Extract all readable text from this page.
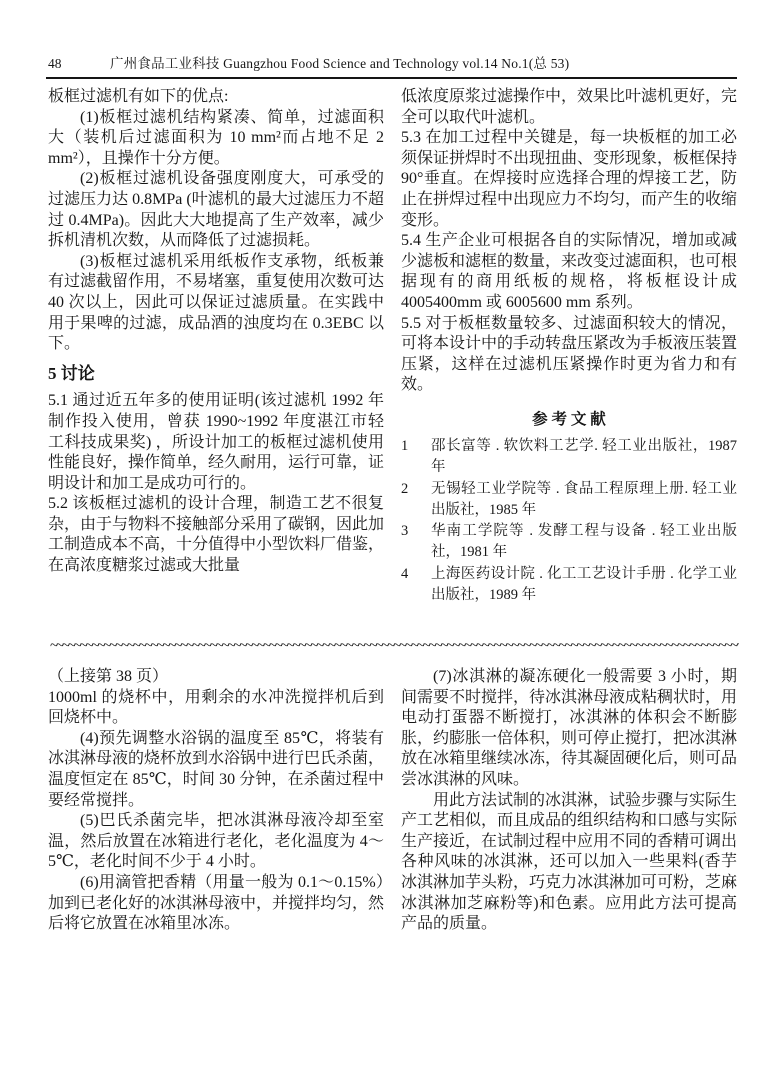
48	广州食品工业科技 Guangzhou Food Science and Technology vol.14 No.1(总 53)

板框过滤机有如下的优点:

(1)板框过滤机结构紧凑、简单，过滤面积大（装机后过滤面积为 10 mm²而占地不足 2 mm²），且操作十分方便。

(2)板框过滤机设备强度刚度大，可承受的过滤压力达 0.8MPa (叶滤机的最大过滤压力不超过 0.4MPa)。因此大大地提高了生产效率，减少拆机清机次数，从而降低了过滤损耗。

(3)板框过滤机采用纸板作支承物，纸板兼有过滤截留作用，不易堵塞，重复使用次数可达 40 次以上，因此可以保证过滤质量。在实践中用于果啤的过滤，成品酒的浊度均在 0.3EBC 以下。

5 讨论

5.1 通过近五年多的使用证明(该过滤机 1992 年制作投入使用，曾获 1990~1992 年度湛江市轻工科技成果奖) ，所设计加工的板框过滤机使用性能良好，操作简单，经久耐用，运行可靠，证明设计和加工是成功可行的。

5.2 该板框过滤机的设计合理，制造工艺不很复杂，由于与物料不接触部分采用了碳钢，因此加工制造成本不高，十分值得中小型饮料厂借鉴，在高浓度糖浆过滤或大批量

低浓度原浆过滤操作中，效果比叶滤机更好，完全可以取代叶滤机。

5.3 在加工过程中关键是，每一块板框的加工必须保证拼焊时不出现扭曲、变形现象，板框保持 90°垂直。在焊接时应选择合理的焊接工艺，防止在拼焊过程中出现应力不均匀，而产生的收缩变形。

5.4 生产企业可根据各自的实际情况，增加或减少滤板和滤框的数量，来改变过滤面积，也可根据现有的商用纸板的规格，将板框设计成 4005400mm 或 6005600 mm 系列。

5.5 对于板框数量较多、过滤面积较大的情况，可将本设计中的手动转盘压紧改为手板液压装置压紧，这样在过滤机压紧操作时更为省力和有效。

参 考 文 献
1	邵长富等 . 软饮料工艺学. 轻工业出版社，1987 年
2	无锡轻工业学院等 . 食品工程原理上册. 轻工业出版社，1985 年
3	华南工学院等 . 发酵工程与设备 . 轻工业出版社，1981 年
4	上海医药设计院 . 化工工艺设计手册 . 化学工业出版社，1989 年
~~~~~

（上接第 38 页）

1000ml 的烧杯中，用剩余的水冲洗搅拌机后到回烧杯中。

(4)预先调整水浴锅的温度至 85℃，将装有冰淇淋母液的烧杯放到水浴锅中进行巴氏杀菌，温度恒定在 85℃，时间 30 分钟，在杀菌过程中要经常搅拌。

(5)巴氏杀菌完毕，把冰淇淋母液冷却至室温，然后放置在冰箱进行老化，老化温度为 4～5℃，老化时间不少于 4 小时。

(6)用滴管把香精（用量一般为 0.1～0.15%）加到已老化好的冰淇淋母液中，并搅拌均匀，然后将它放置在冰箱里冰冻。

(7)冰淇淋的凝冻硬化一般需要 3 小时，期间需要不时搅拌，待冰淇淋母液成粘稠状时，用电动打蛋器不断搅打，冰淇淋的体积会不断膨胀，约膨胀一倍体积，则可停止搅打，把冰淇淋放在冰箱里继续冰冻，待其凝固硬化后，则可品尝冰淇淋的风味。

用此方法试制的冰淇淋，试验步骤与实际生产工艺相似，而且成品的组织结构和口感与实际生产接近，在试制过程中应用不同的香精可调出各种风味的冰淇淋，还可以加入一些果料(香芋冰淇淋加芋头粉，巧克力冰淇淋加可可粉，芝麻冰淇淋加芝麻粉等)和色素。应用此方法可提高产品的质量。
